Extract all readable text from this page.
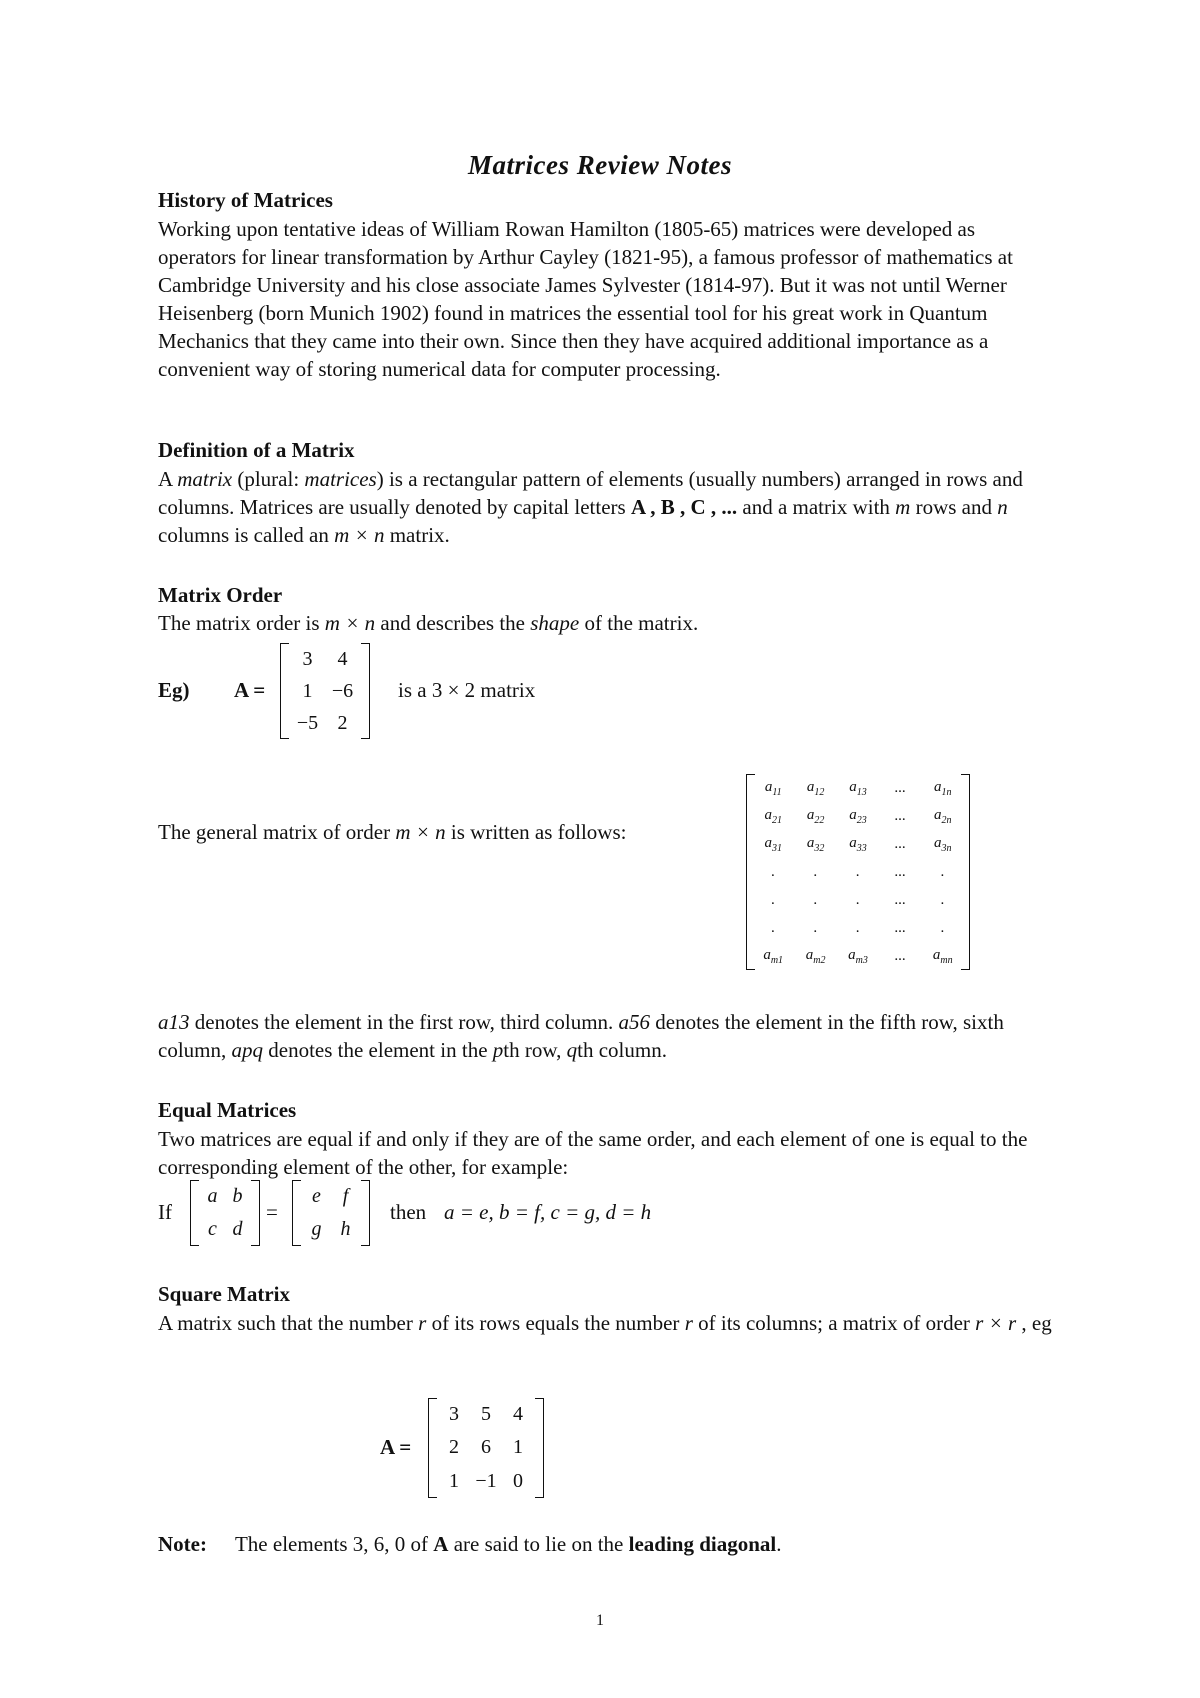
Matrices Review Notes
History of Matrices

Working upon tentative ideas of William Rowan Hamilton (1805-65) matrices were developed as operators for linear transformation by Arthur Cayley (1821-95), a famous professor of mathematics at Cambridge University and his close associate James Sylvester (1814-97). But it was not until Werner Heisenberg (born Munich 1902) found in matrices the essential tool for his great work in Quantum Mechanics that they came into their own. Since then they have acquired additional importance as a convenient way of storing numerical data for computer processing.

Definition of a Matrix

A matrix (plural: matrices) is a rectangular pattern of elements (usually numbers) arranged in rows and columns. Matrices are usually denoted by capital letters A , B , C , ... and a matrix with m rows and n columns is called an m × n matrix.

Matrix Order
The matrix order is m × n and describes the shape of the matrix.
Eg) A =
3	4
1 −6
−5 2
is a 3 × 2 matrix
The general matrix of order m × n is written as follows:
$a_{11}$	$a_{12}$	$a_{13}$	...	$a_{1n}$
$a_{21}$	$a_{22}$	$a_{23}$	...	$a_{2n}$
$a_{31}$	$a_{32}$	$a_{33}$	...	$a_{3n}$
.	.	.	...	.
.	.	.	...	.
.	.	.	...	.
$a_{m1}$	$a_{m2}$	$a_{m3}$	...	$a_{mn}$

a13 denotes the element in the first row, third column. a56 denotes the element in the fifth row, sixth column, apq denotes the element in the pth row, qth column.

Equal Matrices

Two matrices are equal if and only if they are of the same order, and each element of one is equal to the corresponding element of the other, for example:

If
a b
c d
=
e	f
g h
then a = e, b = f, c = g, d = h
Square Matrix

A matrix such that the number r of its rows equals the number r of its columns; a matrix of order r × r , eg

A =
3	5	4
2	6	1
1 −1 0
Note: The elements 3, 6, 0 of A are said to lie on the leading diagonal.
1
